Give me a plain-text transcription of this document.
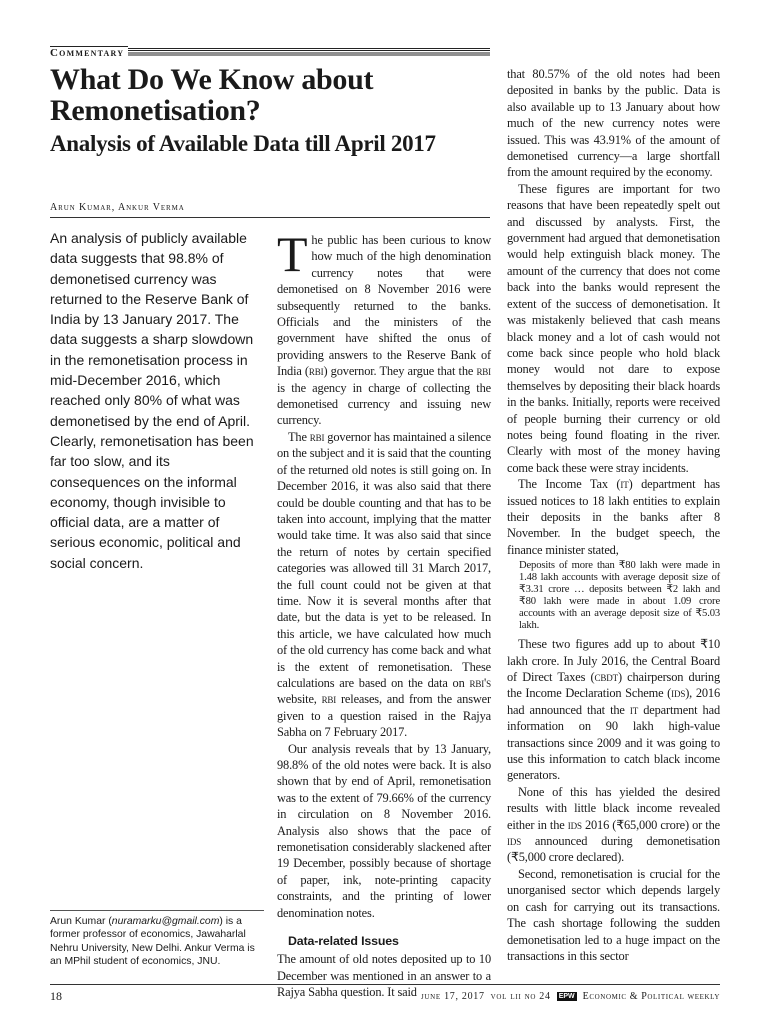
Commentary
What Do We Know about Remonetisation?
Analysis of Available Data till April 2017
Arun Kumar, Ankur Verma
An analysis of publicly available data suggests that 98.8% of demonetised currency was returned to the Reserve Bank of India by 13 January 2017. The data suggests a sharp slowdown in the remonetisation process in mid-December 2016, which reached only 80% of what was demonetised by the end of April. Clearly, remonetisation has been far too slow, and its consequences on the informal economy, though invisible to official data, are a matter of serious economic, political and social concern.
Arun Kumar (nuramarku@gmail.com) is a former professor of economics, Jawaharlal Nehru University, New Delhi. Ankur Verma is an MPhil student of economics, JNU.

The public has been curious to know how much of the high denomination currency notes that were demonetised on 8 November 2016 were subsequently returned to the banks. Officials and the ministers of the government have shifted the onus of providing answers to the Reserve Bank of India (rbi) governor. They argue that the rbi is the agency in charge of collecting the demonetised currency and issuing new currency.

The rbi governor has maintained a silence on the subject and it is said that the counting of the returned old notes is still going on. In December 2016, it was also said that there could be double counting and that has to be taken into account, implying that the matter would take time. It was also said that since the return of notes by certain specified categories was allowed till 31 March 2017, the full count could not be given at that time. Now it is several months after that date, but the data is yet to be released. In this article, we have calculated how much of the old currency has come back and what is the extent of remonetisation. These calculations are based on the data on rbi's website, rbi releases, and from the answer given to a question raised in the Rajya Sabha on 7 February 2017.

Our analysis reveals that by 13 January, 98.8% of the old notes were back. It is also shown that by end of April, remonetisation was to the extent of 79.66% of the currency in circulation on 8 November 2016. Analysis also shows that the pace of remonetisation considerably slackened after 19 December, possibly because of shortage of paper, ink, note-printing capacity constraints, and the printing of lower denomination notes.

Data-related Issues

The amount of old notes deposited up to 10 December was mentioned in an answer to a Rajya Sabha question. It said

that 80.57% of the old notes had been deposited in banks by the public. Data is also available up to 13 January about how much of the new currency notes were issued. This was 43.91% of the amount of demonetised currency—a large shortfall from the amount required by the economy.

These figures are important for two reasons that have been repeatedly spelt out and discussed by analysts. First, the government had argued that demonetisation would help extinguish black money. The amount of the currency that does not come back into the banks would represent the extent of the success of demonetisation. It was mistakenly believed that cash means black money and a lot of cash would not come back since people who hold black money would not dare to expose themselves by depositing their black hoards in the banks. Initially, reports were received of people burning their currency or old notes being found floating in the river. Clearly with most of the money having come back these were stray incidents.

The Income Tax (it) department has issued notices to 18 lakh entities to explain their deposits in the banks after 8 November. In the budget speech, the finance minister stated,

Deposits of more than ₹80 lakh were made in 1.48 lakh accounts with average deposit size of ₹3.31 crore … deposits between ₹2 lakh and ₹80 lakh were made in about 1.09 crore accounts with an average deposit size of ₹5.03 lakh.

These two figures add up to about ₹10 lakh crore. In July 2016, the Central Board of Direct Taxes (cbdt) chairperson during the Income Declaration Scheme (ids), 2016 had announced that the it department had information on 90 lakh high-value transactions since 2009 and it was going to use this information to catch black income generators.

None of this has yielded the desired results with little black income revealed either in the ids 2016 (₹65,000 crore) or the ids announced during demonetisation (₹5,000 crore declared).

Second, remonetisation is crucial for the unorganised sector which depends largely on cash for carrying out its transactions. The cash shortage following the sudden demonetisation led to a huge impact on the transactions in this sector

18	june 17, 2017 vol lii no 24 EPW Economic & Political weekly
